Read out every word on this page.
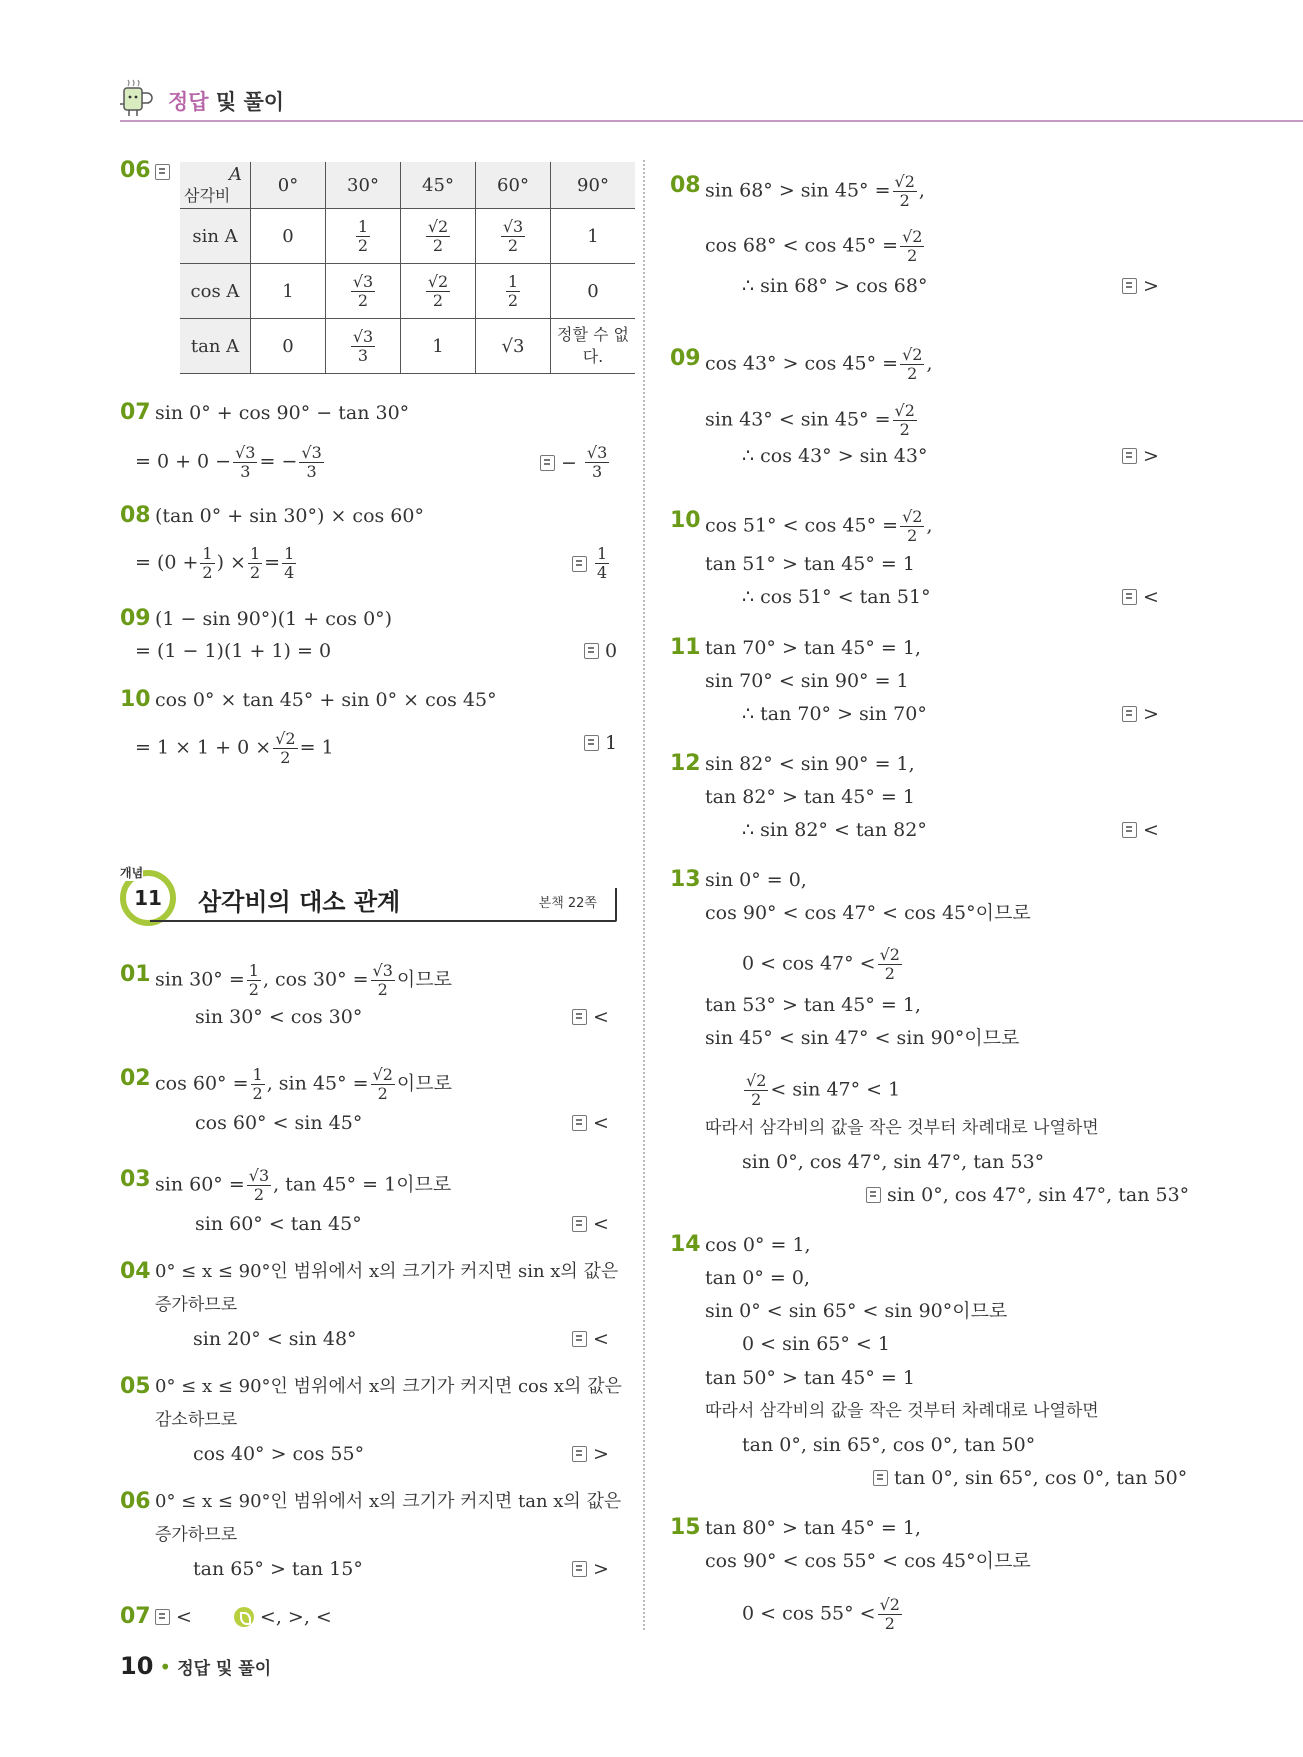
정답 및 풀이
06	A
삼각비	0°	30°	45°	60°	90°
sin A	0	$\frac{1}{2}$	$\frac{√2}{2}$	$\frac{√3}{2}$	1
cos A	1	$\frac{√3}{2}$	$\frac{√2}{2}$	$\frac{1}{2}$	0
tan A	0	$\frac{√3}{3}$	1	√3	정할 수 없다.
07 sin 0° + cos 90° − tan 30°
= $0 + 0 - \frac{√3}{3}$ = − $\frac{√3}{3}$	− $\frac{√3}{3}$
08 (tan 0° + sin 30°) × cos 60°
= ($0 + \frac{1}{2}$ ) × $\frac{1}{2} = \frac{1}{4}$	$\frac{1}{4}$
09 (1 − sin 90°)(1 + cos 0°)
= (1 − 1)(1 + 1) = 0	0
10 cos 0° × tan 45° + sin 0° × cos 45°
= $1 \times 1 + 0 \times \frac{√2}{2} = 1$	1
11
개념
삼각비의 대소 관계	본책 22쪽
01 $\sin 30^\circ = \frac{1}{2}$ , $\cos 30^\circ = \frac{√3}{2}$ 이므로
sin 30° < cos 30°	<
02 $\cos 60^\circ = \frac{1}{2}$ , $\sin 45^\circ = \frac{√2}{2}$ 이므로
cos 60° < sin 45°	<
03 $\sin 60^\circ = \frac{√3}{2}$ , tan 45° = 1이므로
sin 60° < tan 45°	<
04 0° ≤ x ≤ 90°인 범위에서 x의 크기가 커지면 sin x의 값은
증가하므로
sin 20° < sin 48°	<
05 0° ≤ x ≤ 90°인 범위에서 x의 크기가 커지면 cos x의 값은
감소하므로
cos 40° > cos 55°	>
06 0° ≤ x ≤ 90°인 범위에서 x의 크기가 커지면 tan x의 값은
증가하므로
tan 65° > tan 15°	>
07 <	<, >, <
08 $\sin 68^\circ > \sin 45^\circ = \frac{√2}{2}$ ,
$\cos 68^\circ < \cos 45^\circ = \frac{√2}{2}$
∴ sin 68° > cos 68°	>
09 $\cos 43^\circ > \cos 45^\circ = \frac{√2}{2}$ ,
$\sin 43^\circ < \sin 45^\circ = \frac{√2}{2}$
∴ cos 43° > sin 43°	>
10 $\cos 51^\circ < \cos 45^\circ = \frac{√2}{2}$ ,
tan 51° > tan 45° = 1
∴ cos 51° < tan 51°	<
11 tan 70° > tan 45° = 1,
sin 70° < sin 90° = 1
∴ tan 70° > sin 70°	>
12 sin 82° < sin 90° = 1,
tan 82° > tan 45° = 1
∴ sin 82° < tan 82°	<
13 sin 0° = 0,
cos 90° < cos 47° < cos 45°이므로
$0 < \cos 47^\circ < \frac{√2}{2}$
tan 53° > tan 45° = 1,
sin 45° < sin 47° < sin 90°이므로
$\frac{√2}{2} < \sin 47^\circ < 1$
따라서 삼각비의 값을 작은 것부터 차례대로 나열하면
sin 0°, cos 47°, sin 47°, tan 53°
sin 0°, cos 47°, sin 47°, tan 53°
14 cos 0° = 1,
tan 0° = 0,
sin 0° < sin 65° < sin 90°이므로
0 < sin 65° < 1
tan 50° > tan 45° = 1
따라서 삼각비의 값을 작은 것부터 차례대로 나열하면
tan 0°, sin 65°, cos 0°, tan 50°
tan 0°, sin 65°, cos 0°, tan 50°
15 tan 80° > tan 45° = 1,
cos 90° < cos 55° < cos 45°이므로
$0 < \cos 55^\circ < \frac{√2}{2}$
10 • 정답 및 풀이
